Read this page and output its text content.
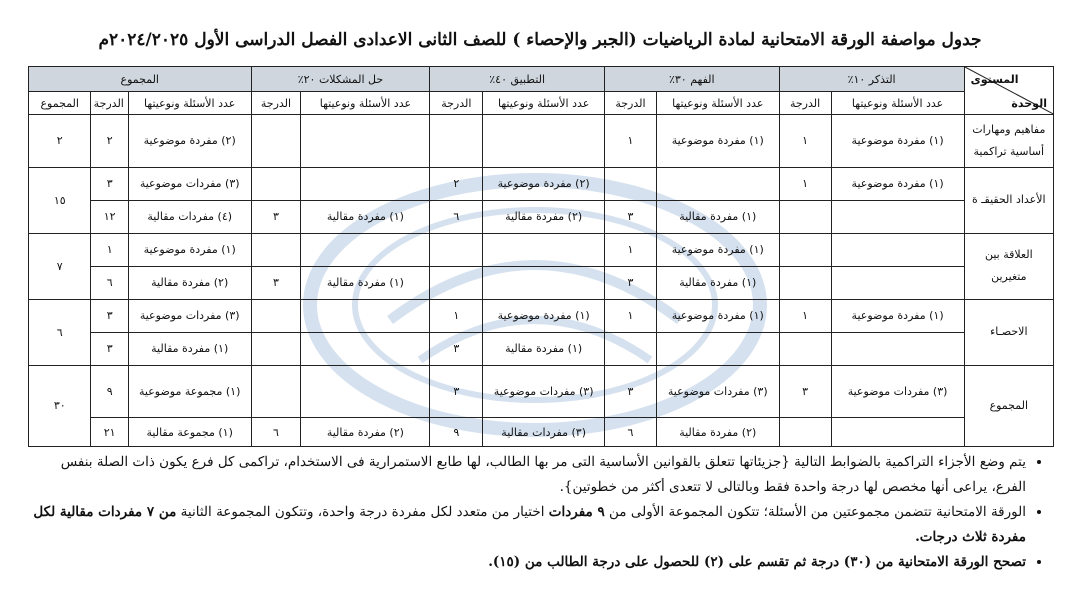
جدول مواصفة الورقة الامتحانية لمادة الرياضيات (الجبر والإحصاء ) للصف الثانى الاعدادى الفصل الدراسى الأول ٢٠٢٤/٢٠٢٥م
المستوى
الوحدة	التذكر ١٠٪		الفهم ٣٠٪		التطبيق ٤٠٪		حل المشكلات ٢٠٪		المجموع		
	عدد الأسئلة ونوعيتها	الدرجة	عدد الأسئلة ونوعيتها	الدرجة	عدد الأسئلة ونوعيتها	الدرجة	عدد الأسئلة ونوعيتها	الدرجة	عدد الأسئلة ونوعيتها	الدرجة	المجموع
مفاهيم ومهارات أساسية تراكمية	(١) مفردة موضوعية	١	(١) مفردة موضوعية	١					(٢) مفردة موضوعية	٢	٢
الأعداد الحقيقـ ة	(١) مفردة موضوعية	١			(٢) مفردة موضوعية	٢			(٣) مفردات موضوعية	٣	١٥
			(١) مفردة مقالية	٣	(٢) مفردة مقالية	٦	(١) مفردة مقالية	٣	(٤) مفردات مقالية	١٢	
العلاقة بين متغيرين			(١) مفردة موضوعية	١					(١) مفردة موضوعية	١	٧
			(١) مفردة مقالية	٣			(١) مفردة مقالية	٣	(٢) مفردة مقالية	٦	
الاحصـاء	(١) مفردة موضوعية	١	(١) مفردة موضوعية	١	(١) مفردة موضوعية	١			(٣) مفردات موضوعية	٣	٦
					(١) مفردة مقالية	٣			(١) مفردة مقالية	٣	
المجموع	(٣) مفردات موضوعية	٣	(٣) مفردات موضوعية	٣	(٣) مفردات موضوعية	٣			(١) مجموعة موضوعية	٩	٣٠
			(٢) مفردة مقالية	٦	(٣) مفردات مقالية	٩	(٢) مفردة مقالية	٦	(١) مجموعة مقالية	٢١	
• يتم وضع الأجزاء التراكمية بالضوابط التالية {جزيئاتها تتعلق بالقوانين الأساسية التى مر بها الطالب، لها طابع الاستمرارية فى الاستخدام، تراكمى كل فرع يكون ذات الصلة بنفس الفرع، يراعى أنها مخصص لها درجة واحدة فقط وبالتالى لا تتعدى أكثر من خطوتين}.
• الورقة الامتحانية تتضمن مجموعتين من الأسئلة؛ تتكون المجموعة الأولى من ٩ مفردات اختيار من متعدد لكل مفردة درجة واحدة، وتتكون المجموعة الثانية من ٧ مفردات مقالية لكل مفردة ثلاث درجات.
• تصحح الورقة الامتحانية من (٣٠) درجة ثم تقسم على (٢) للحصول على درجة الطالب من (١٥).
